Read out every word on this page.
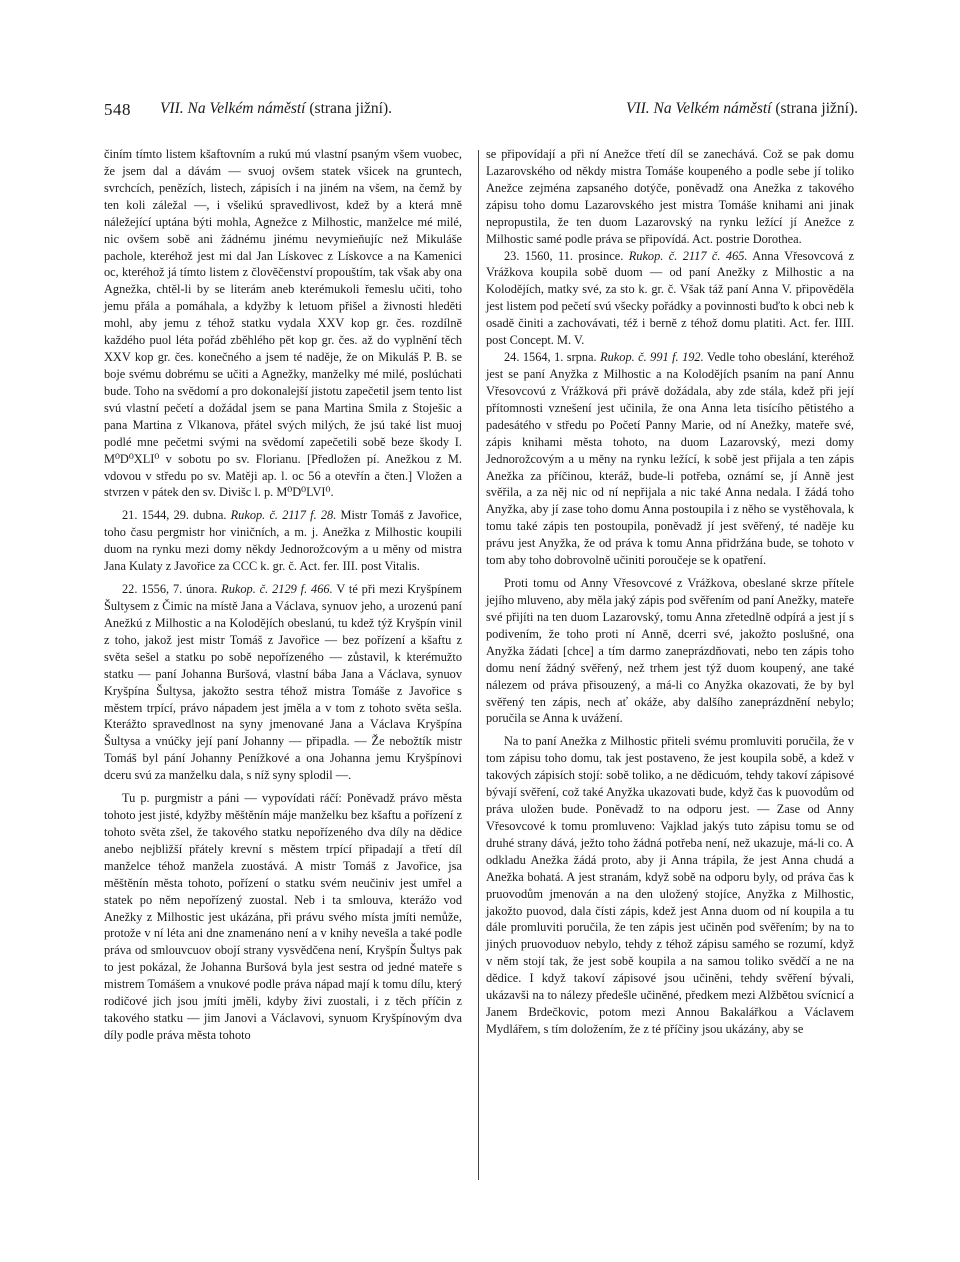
548 VII. Na Velkém náměstí (strana jižní).	VII. Na Velkém náměstí (strana jižní).

činím tímto listem kšaftovním a rukú mú vlastní psaným všem vuobec, že jsem dal a dávám — svuoj ovšem statek všicek na gruntech, svrchcích, penězích, listech, zápisích i na jiném na všem, na čemž by ten koli záležal —, i všelikú spravedlivost, kdež by a která mně náležející uptána býti mohla, Agnežce z Milhostic, manželce mé milé, nic ovšem sobě ani žádnému jinému nevymieňujíc než Mikuláše pachole, kteréhož jest mi dal Jan Lískovec z Lískovce a na Kamenici oc, kteréhož já tímto listem z člověčenství propouštím, tak však aby ona Agnežka, chtěl-li by se literám aneb kterémukoli řemeslu učiti, toho jemu přála a pomáhala, a kdyžby k letuom přišel a živnosti hleděti mohl, aby jemu z téhož statku vydala XXV kop gr. čes. rozdílně každého puol léta pořád zběhlého pět kop gr. čes. až do vyplnění těch XXV kop gr. čes. konečného a jsem té naděje, že on Mikuláš P. B. se boje svému dobrému se učiti a Agnežky, manželky mé milé, poslúchati bude. Toho na svědomí a pro dokonalejší jistotu zapečetil jsem tento list svú vlastní pečetí a dožádal jsem se pana Martina Smila z Stoješic a pana Martina z Vlkanova, přátel svých milých, že jsú také list muoj podlé mne pečetmi svými na svědomí zapečetili sobě beze škody I. M⁰D⁰XLI⁰ v sobotu po sv. Florianu. [Předložen pí. Anežkou z M. vdovou v středu po sv. Matěji ap. l. oc 56 a otevřín a čten.] Vložen a stvrzen v pátek den sv. Divišc l. p. M⁰D⁰LVI⁰.

21. 1544, 29. dubna. Rukop. č. 2117 f. 28. Mistr Tomáš z Javořice, toho času pergmistr hor viničních, a m. j. Anežka z Milhostic koupili duom na rynku mezi domy někdy Jednorožcovým a u měny od mistra Jana Kulaty z Javořice za CCC k. gr. č. Act. fer. III. post Vitalis.

22. 1556, 7. února. Rukop. č. 2129 f. 466. V té při mezi Kryšpínem Šultysem z Čimic na místě Jana a Václava, synuov jeho, a urozenú paní Anežkú z Milhostic a na Kolodějích obeslanú, tu kdež týž Kryšpín vinil z toho, jakož jest mistr Tomáš z Javořice — bez pořízení a kšaftu z světa sešel a statku po sobě nepořízeného — zůstavil, k kterémužto statku — paní Johanna Buršová, vlastní bába Jana a Václava, synuov Kryšpína Šultysa, jakožto sestra téhož mistra Tomáše z Javořice s městem trpící, právo nápadem jest jměla a v tom z tohoto světa sešla. Kterážto spravedlnost na syny jmenované Jana a Václava Kryšpína Šultysa a vnúčky její paní Johanny — připadla. — Že nebožtík mistr Tomáš byl pání Johanny Penížkové a ona Johanna jemu Kryšpínovi dceru svú za manželku dala, s níž syny splodil —.

Tu p. purgmistr a páni — vypovídati ráčí: Poněvadž právo města tohoto jest jisté, kdyžby měštěnín máje manželku bez kšaftu a pořízení z tohoto světa zšel, že takového statku nepořízeného dva díly na dědice anebo nejbližší přátely krevní s městem trpící připadají a třetí díl manželce téhož manžela zuostává. A mistr Tomáš z Javořice, jsa měštěnín města tohoto, pořízení o statku svém neučiniv jest umřel a statek po něm nepořízený zuostal. Neb i ta smlouva, kterážo vod Anežky z Milhostic jest ukázána, při právu svého místa jmíti nemůže, protože v ní léta ani dne znamenáno není a v knihy nevešla a také podle práva od smlouvcuov obojí strany vysvědčena není, Kryšpín Šultys pak to jest pokázal, že Johanna Buršová byla jest sestra od jedné mateře s mistrem Tomášem a vnukové podle práva nápad mají k tomu dílu, který rodičové jich jsou jmíti jměli, kdyby živi zuostali, i z těch příčin z takového statku — jim Janovi a Václavovi, synuom Kryšpínovým dva díly podle práva města tohoto

se připovídají a při ní Anežce třetí díl se zanechává. Což se pak domu Lazarovského od někdy mistra Tomáše koupeného a podle sebe jí toliko Anežce zejména zapsaného dotýče, poněvadž ona Anežka z takového zápisu toho domu Lazarovského jest mistra Tomáše knihami ani jinak nepropustila, že ten duom Lazarovský na rynku ležící jí Anežce z Milhostic samé podle práva se připovídá. Act. postrie Dorothea.

23. 1560, 11. prosince. Rukop. č. 2117 č. 465. Anna Vřesovcová z Vrážkova koupila sobě duom — od paní Anežky z Milhostic a na Kolodějích, matky své, za sto k. gr. č. Však táž paní Anna V. připověděla jest listem pod pečetí svú všecky pořádky a povinnosti buďto k obci neb k osadě činiti a zachovávati, též i berně z téhož domu platiti. Act. fer. IIII. post Concept. M. V.

24. 1564, 1. srpna. Rukop. č. 991 f. 192. Vedle toho obeslání, kteréhož jest se paní Anyžka z Milhostic a na Kolodějích psaním na paní Annu Vřesovcovú z Vrážková při právě dožádala, aby zde stála, kdež při její přítomnosti vznešení jest učinila, že ona Anna leta tisícího pětistého a padesátého v středu po Početí Panny Marie, od ní Anežky, mateře své, zápis knihami města tohoto, na duom Lazarovský, mezi domy Jednorožcovým a u měny na rynku ležící, k sobě jest přijala a ten zápis Anežka za příčinou, kteráž, bude-li potřeba, oznámí se, jí Anně jest svěřila, a za něj nic od ní nepřijala a nic také Anna nedala. I žádá toho Anyžka, aby jí zase toho domu Anna postoupila i z něho se vystěhovala, k tomu také zápis ten postoupila, poněvadž jí jest svěřený, té naděje ku právu jest Anyžka, že od práva k tomu Anna přidržána bude, se tohoto v tom aby toho dobrovolně učiniti poroučeje se k opatření.

Proti tomu od Anny Vřesovcové z Vrážkova, obeslané skrze přítele jejího mluveno, aby měla jaký zápis pod svěřením od paní Anežky, mateře své přijíti na ten duom Lazarovský, tomu Anna zřetedlně odpírá a jest jí s podivením, že toho proti ní Anně, dcerri své, jakožto poslušné, ona Anyžka žádati [chce] a tím darmo zaneprázdňovati, nebo ten zápis toho domu není žádný svěřený, než trhem jest týž duom koupený, ane také nálezem od práva přisouzený, a má-li co Anyžka okazovati, že by byl svěřený ten zápis, nech ať okáže, aby dalšího zaneprázdnění nebylo; poručila se Anna k uvážení.

Na to paní Anežka z Milhostic přiteli svému promluviti poručila, že v tom zápisu toho domu, tak jest postaveno, že jest koupila sobě, a kdež v takových zápisích stojí: sobě toliko, a ne dědicuóm, tehdy takoví zápisové bývají svěření, což také Anyžka ukazovati bude, když čas k puovodům od práva uložen bude. Poněvadž to na odporu jest. — Zase od Anny Vřesovcové k tomu promluveno: Vajklad jakýs tuto zápisu tomu se od druhé strany dává, ježto toho žádná potřeba není, než ukazuje, má-li co. A odkladu Anežka žádá proto, aby ji Anna trápila, že jest Anna chudá a Anežka bohatá. A jest stranám, když sobě na odporu byly, od práva čas k pruovodům jmenován a na den uložený stojíce, Anyžka z Milhostic, jakožto puovod, dala čísti zápis, kdež jest Anna duom od ní koupila a tu dále promluviti poručila, že ten zápis jest učiněn pod svěřením; by na to jiných pruovoduov nebylo, tehdy z téhož zápisu samého se rozumí, když v něm stojí tak, že jest sobě koupila a na samou toliko svědčí a ne na dědice. I když takoví zápisové jsou učiněni, tehdy svěření bývali, ukázavši na to nálezy předešle učiněné, předkem mezi Alžbětou svícnicí a Janem Brdečkovic, potom mezi Annou Bakalářkou a Václavem Mydlářem, s tím doložením, že z té příčiny jsou ukázány, aby se
